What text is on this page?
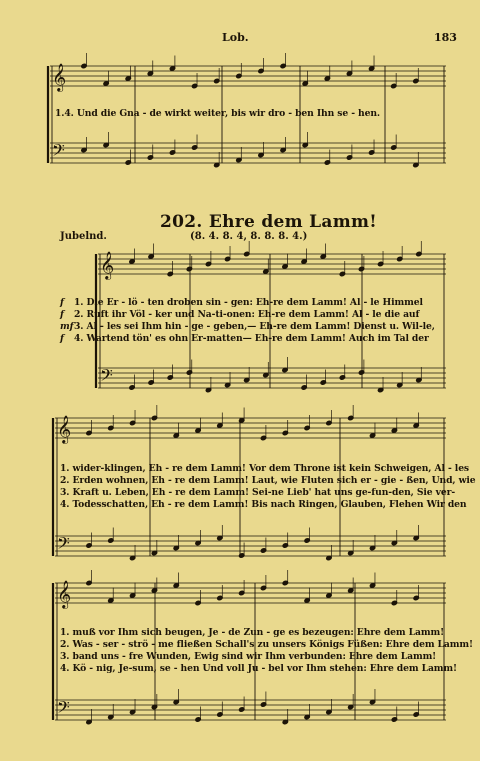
Lob.	183
𝄞
𝄢
𝄞
𝄢
𝄞
𝄢
𝄞
𝄢
1.4. Und die Gna - de wirkt weiter, bis wir dro - ben Ihn se - hen.
202. Ehre dem Lamm!
Jubelnd.	(8. 4. 8. 4, 8. 8. 8. 4.)
f 1. Die Er - lö - ten droben sin - gen: Eh-re dem Lamm! Al - le Himmel
f 2. Ruft ihr Völ - ker und Na-ti-onen: Eh-re dem Lamm! Al - le die auf
mf3. Al - les sei Ihm hin - ge - geben,— Eh-re dem Lamm! Dienst u. Wil-le,
f 4. Wartend tön' es ohn Er-matten— Eh-re dem Lamm! Auch im Tal der
1. wider-klingen, Eh - re dem Lamm! Vor dem Throne ist kein Schweigen, Al - les
2. Erden wohnen, Eh - re dem Lamm! Laut, wie Fluten sich er - gie - ßen, Und, wie
3. Kraft u. Leben, Eh - re dem Lamm! Sei-ne Lieb' hat uns ge-fun-den, Sie ver-
4. Todesschatten, Eh - re dem Lamm! Bis nach Ringen, Glauben, Flehen Wir den
1. muß vor Ihm sich beugen, Je - de Zun - ge es bezeugen: Ehre dem Lamm!
2. Was - ser - strö - me fließen Schall's zu unsers Königs Füßen: Ehre dem Lamm!
3. band uns - fre Wunden, Ewig sind wir Ihm verbunden: Ehre dem Lamm!
4. Kö - nig, Je-sum, se - hen Und voll Ju - bel vor Ihm stehen: Ehre dem Lamm!
